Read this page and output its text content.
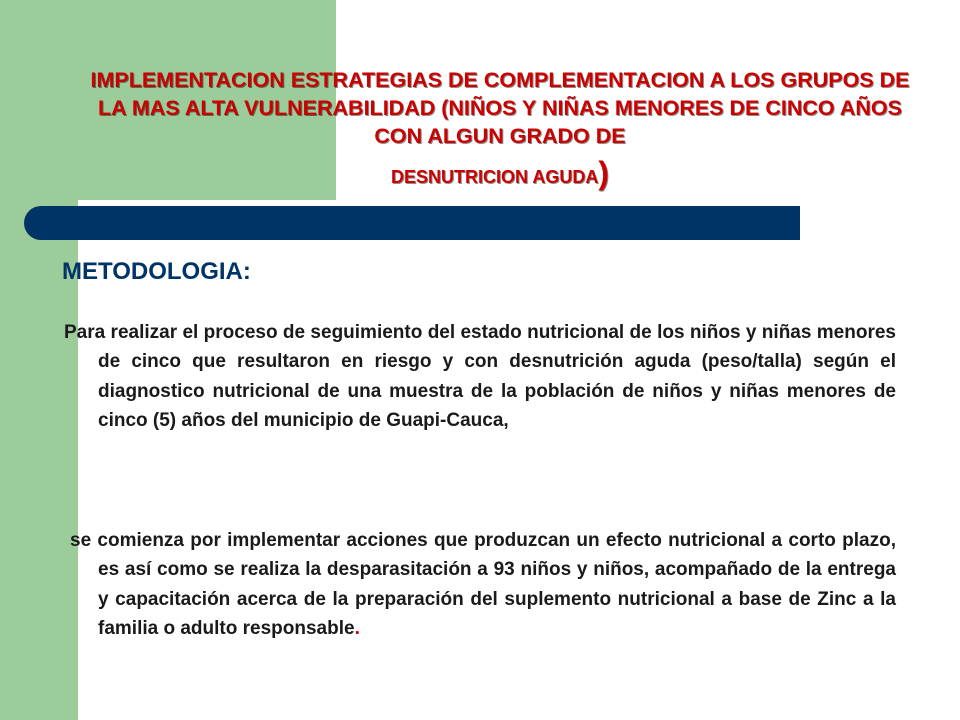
IMPLEMENTACION ESTRATEGIAS DE COMPLEMENTACION A LOS GRUPOS DE LA MAS ALTA VULNERABILIDAD (NIÑOS Y NIÑAS MENORES DE CINCO AÑOS CON ALGUN GRADO DE
DESNUTRICION AGUDA)
METODOLOGIA:

Para realizar el proceso de seguimiento del estado nutricional de los niños y niñas menores de cinco que resultaron en riesgo y con desnutrición aguda (peso/talla) según el diagnostico nutricional de una muestra de la población de niños y niñas menores de cinco (5) años del municipio de Guapi-Cauca,

se comienza por implementar acciones que produzcan un efecto nutricional a corto plazo, es así como se realiza la desparasitación a 93 niños y niños, acompañado de la entrega y capacitación acerca de la preparación del suplemento nutricional a base de Zinc a la familia o adulto responsable.
